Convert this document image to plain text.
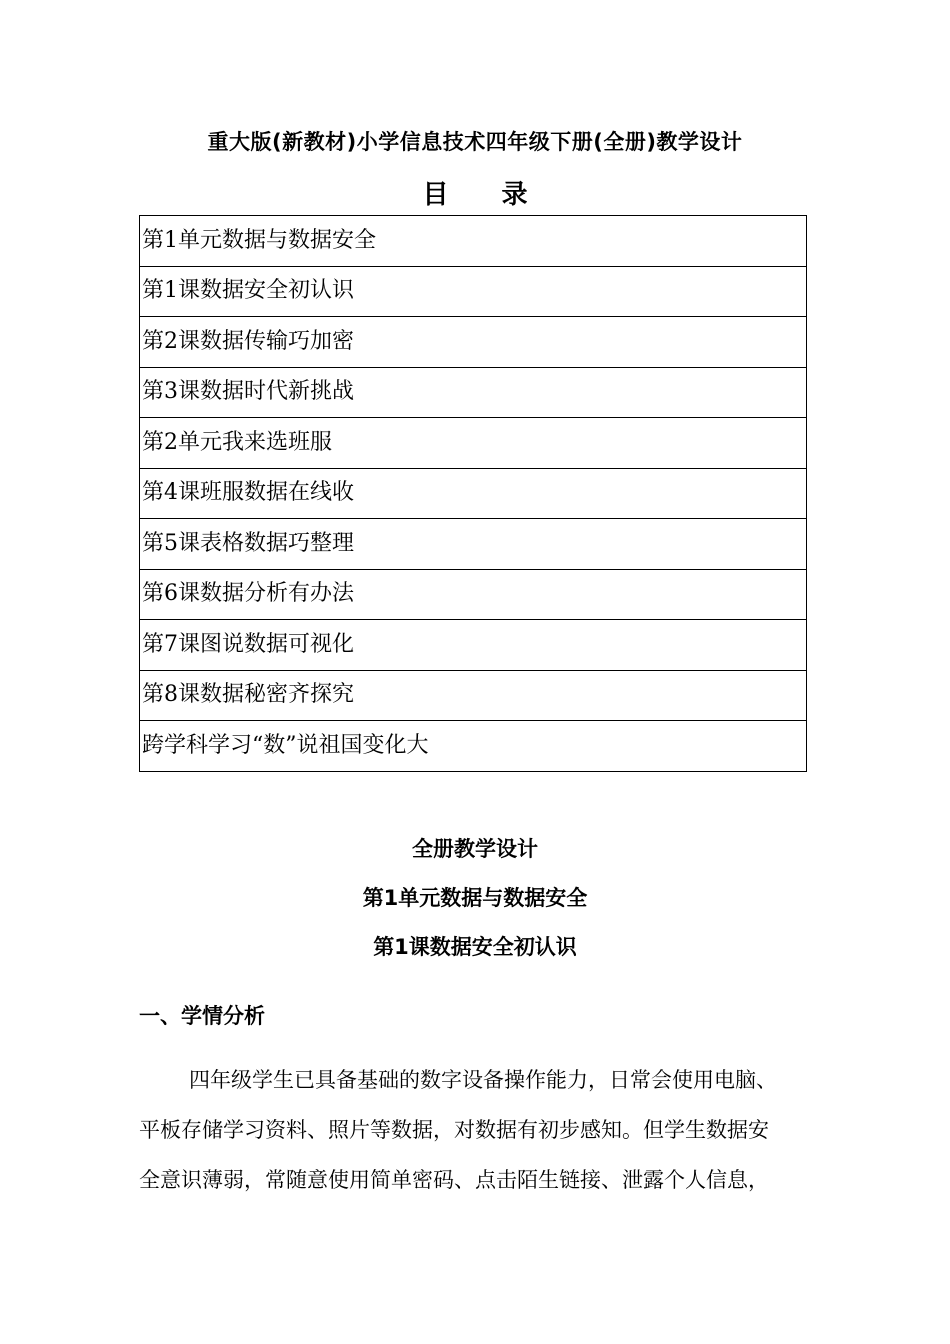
重大版(新教材)小学信息技术四年级下册(全册)教学设计
目 录
第1单元数据与数据安全
第1课数据安全初认识
第2课数据传输巧加密
第3课数据时代新挑战
第2单元我来选班服
第4课班服数据在线收
第5课表格数据巧整理
第6课数据分析有办法
第7课图说数据可视化
第8课数据秘密齐探究
跨学科学习“数”说祖国变化大
全册教学设计
第1单元数据与数据安全
第1课数据安全初认识
一、学情分析
四年级学生已具备基础的数字设备操作能力，日常会使用电脑、
平板存储学习资料、照片等数据，对数据有初步感知。但学生数据安
全意识薄弱，常随意使用简单密码、点击陌生链接、泄露个人信息，
